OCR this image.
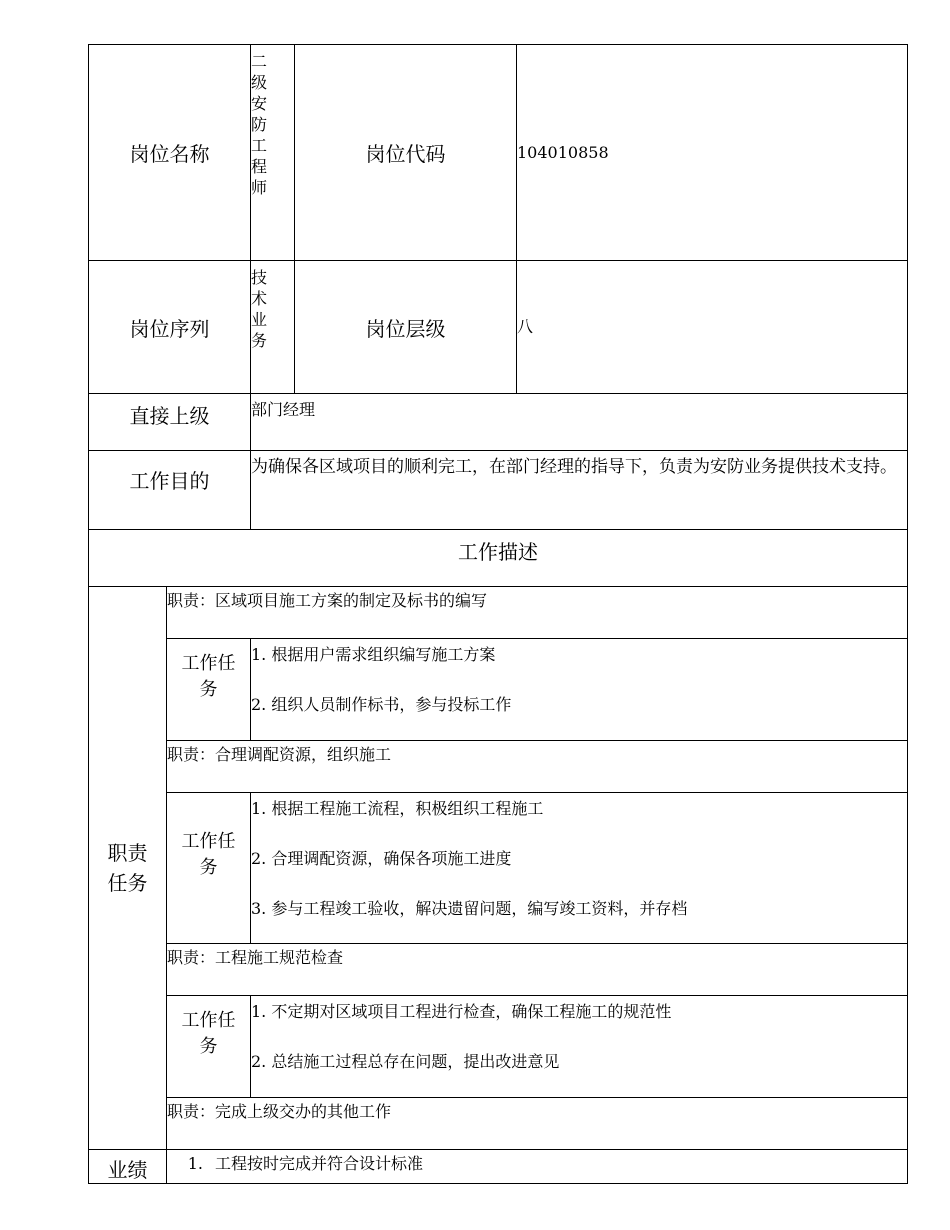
岗位名称		二级安防工程师	岗位代码	104010858
岗位序列		技术业务	岗位层级	八
直接上级		部门经理		
工作目的		为确保各区域项目的顺利完工，在部门经理的指导下，负责为安防业务提供技术支持。		
工作描述				
职责任务	职责：区域项目施工方案的制定及标书的编写			
	工作任务	1. 根据用户需求组织编写施工方案
2. 组织人员制作标书，参与投标工作		

	职责：合理调配资源，组织施工			
	工作任务	1. 根据工程施工流程，积极组织工程施工
2. 合理调配资源，确保各项施工进度
3. 参与工程竣工验收，解决遗留问题，编写竣工资料，并存档		

	职责：工程施工规范检查			
	工作任务	1. 不定期对区域项目工程进行检查，确保工程施工的规范性
2. 总结施工过程总存在问题，提出改进意见		

	职责：完成上级交办的其他工作			
业绩	1. 工程按时完成并符合设计标准			
